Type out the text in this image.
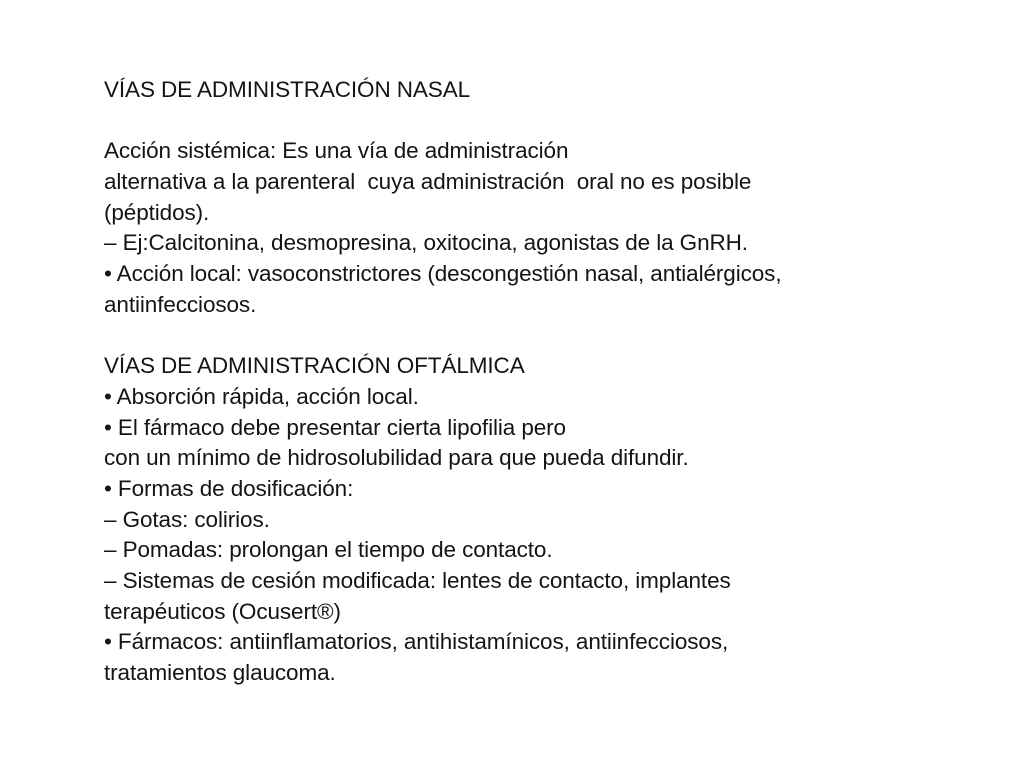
VÍAS DE ADMINISTRACIÓN NASAL
Acción sistémica: Es una vía de administración
alternativa a la parenteral  cuya administración  oral no es posible
(péptidos).
– Ej:Calcitonina, desmopresina, oxitocina, agonistas de la GnRH.
• Acción local: vasoconstrictores (descongestión nasal, antialérgicos,
antiinfecciosos.
VÍAS DE ADMINISTRACIÓN OFTÁLMICA
• Absorción rápida, acción local.
• El fármaco debe presentar cierta lipofilia pero
con un mínimo de hidrosolubilidad para que pueda difundir.
• Formas de dosificación:
– Gotas: colirios.
– Pomadas: prolongan el tiempo de contacto.
– Sistemas de cesión modificada: lentes de contacto, implantes
terapéuticos (Ocusert®)
• Fármacos: antiinflamatorios, antihistamínicos, antiinfecciosos,
tratamientos glaucoma.
